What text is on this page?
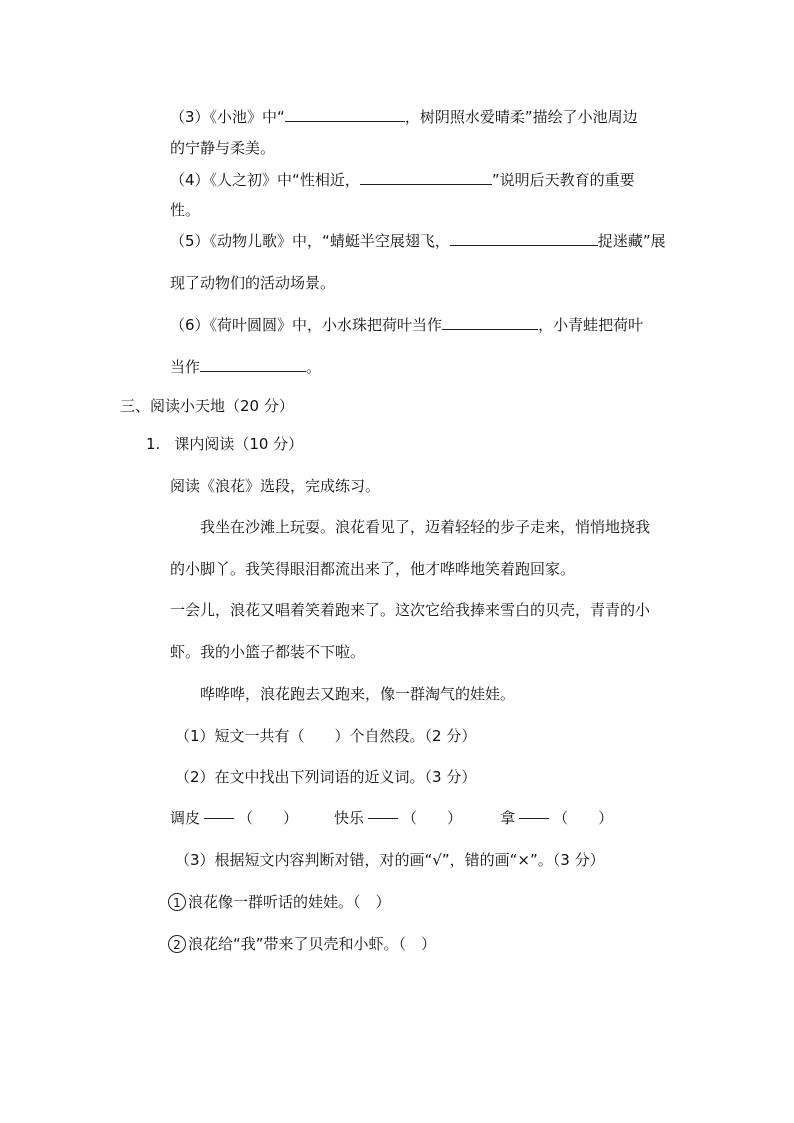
（3）《小池》中“	，树阴照水爱晴柔”描绘了小池周边
的宁静与柔美。
（4）《人之初》中“性相近，	”说明后天教育的重要
性。
（5）《动物儿歌》中，“蜻蜓半空展翅飞，	捉迷藏”展
现了动物们的活动场景。
（6）《荷叶圆圆》中，小水珠把荷叶当作	，小青蛙把荷叶
当作	。
三、阅读小天地（20 分）
1. 课内阅读（10 分）
阅读《浪花》选段，完成练习。
我坐在沙滩上玩耍。浪花看见了，迈着轻轻的步子走来，悄悄地挠我
的小脚丫。我笑得眼泪都流出来了，他才哗哗地笑着跑回家。
一会儿，浪花又唱着笑着跑来了。这次它给我捧来雪白的贝壳，青青的小
虾。我的小篮子都装不下啦。
哗哗哗，浪花跑去又跑来，像一群淘气的娃娃。
（1）短文一共有（　　）个自然段。（2 分）
（2）在文中找出下列词语的近义词。（3 分）
调皮	（　　） 快乐	（　　）	拿	（　　）
（3）根据短文内容判断对错，对的画“√”，错的画“×”。（3 分）
1 浪花像一群听话的娃娃。（　）
2 浪花给“我”带来了贝壳和小虾。（　）
